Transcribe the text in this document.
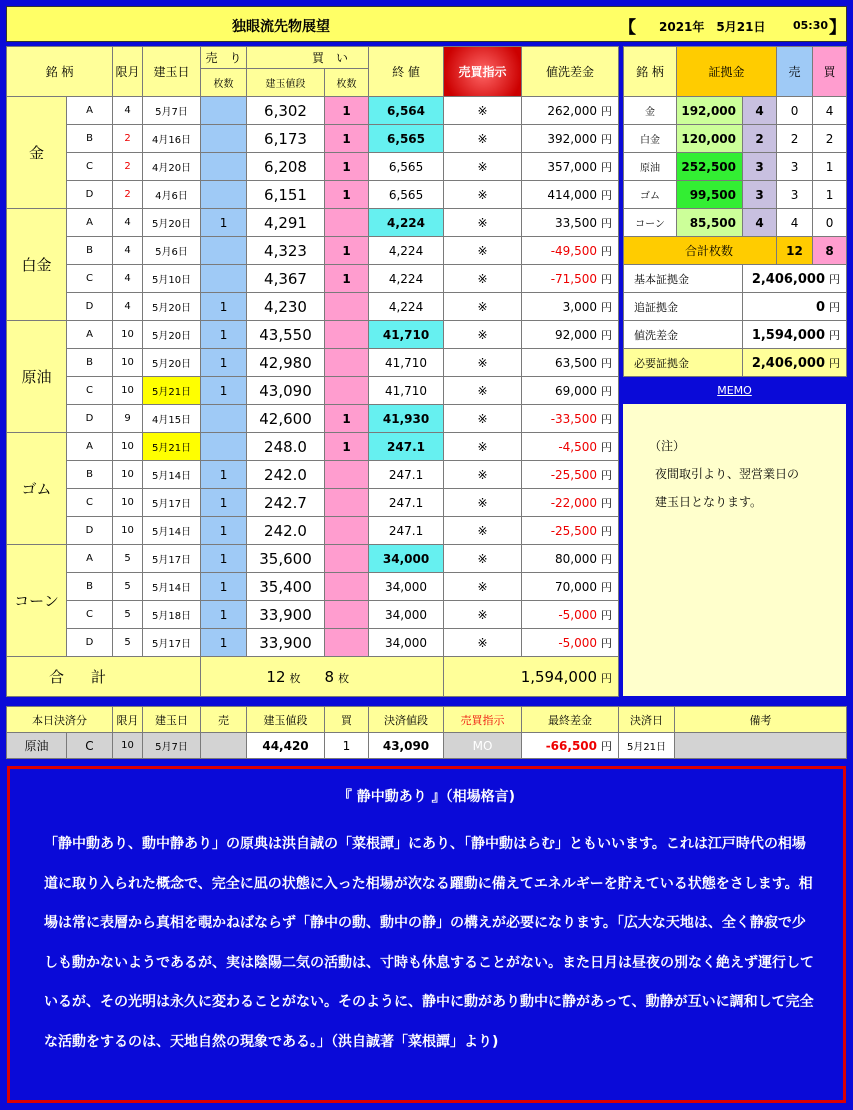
独眼流先物展望	【 2021年　5月21日	05:30 】
銘 柄		限月	建玉日	売　り	買　い		終 値	売買指示	値洗差金
				枚数	建玉値段	枚数			
金	A	4	5月7日		6,302	1	6,564	※	262,000 円
	B	2	4月16日		6,173	1	6,565	※	392,000 円
	C	2	4月20日		6,208	1	6,565	※	357,000 円
	D	2	4月6日		6,151	1	6,565	※	414,000 円
白金	A	4	5月20日	1	4,291		4,224	※	33,500 円
	B	4	5月6日		4,323	1	4,224	※	-49,500 円
	C	4	5月10日		4,367	1	4,224	※	-71,500 円
	D	4	5月20日	1	4,230		4,224	※	3,000 円
原油	A	10	5月20日	1	43,550		41,710	※	92,000 円
	B	10	5月20日	1	42,980		41,710	※	63,500 円
	C	10	5月21日	1	43,090		41,710	※	69,000 円
	D	9	4月15日		42,600	1	41,930	※	-33,500 円
ゴム	A	10	5月21日		248.0	1	247.1	※	-4,500 円
	B	10	5月14日	1	242.0		247.1	※	-25,500 円
	C	10	5月17日	1	242.7		247.1	※	-22,000 円
	D	10	5月14日	1	242.0		247.1	※	-25,500 円
コーン	A	5	5月17日	1	35,600		34,000	※	80,000 円
	B	5	5月14日	1	35,400		34,000	※	70,000 円
	C	5	5月18日	1	33,900		34,000	※	-5,000 円
	D	5	5月17日	1	33,900		34,000	※	-5,000 円
合　計				12 枚		8 枚		1,594,000 円	
銘 柄	証拠金		売	買
金	192,000	4	0	4
白金	120,000	2	2	2
原油	252,500	3	3	1
ゴム	99,500	3	3	1
コーン	85,500	4	4	0
合計枚数			12	8
基本証拠金		2,406,000 円		
追証拠金		0 円		
値洗差金		1,594,000 円		
必要証拠金		2,406,000 円		
MEMO

（注）

夜間取引より、翌営業日の

建玉日となります。

本日決済分		限月	建玉日	売	建玉値段	買	決済値段	売買指示	最終差金	決済日	備考
原油	C	10	5月7日		44,420	1	43,090	MO	-66,500 円	5月21日	
『 静中動あり 』（相場格言)
「静中動あり、動中静あり」の原典は洪自誠の「菜根譚」にあり、「静中動はらむ」ともいいます。これは江戸時代の相場道に取り入られた概念で、完全に凪の状態に入った相場が次なる躍動に備えてエネルギーを貯えている状態をさします。相場は常に表層から真相を覗かねばならず「静中の動、動中の静」の構えが必要になります。「広大な天地は、全く静寂で少しも動かないようであるが、実は陰陽二気の活動は、寸時も休息することがない。また日月は昼夜の別なく絶えず運行しているが、その光明は永久に変わることがない。そのように、静中に動があり動中に静があって、動静が互いに調和して完全な活動をするのは、天地自然の現象である。」（洪自誠著「菜根譚」より)
